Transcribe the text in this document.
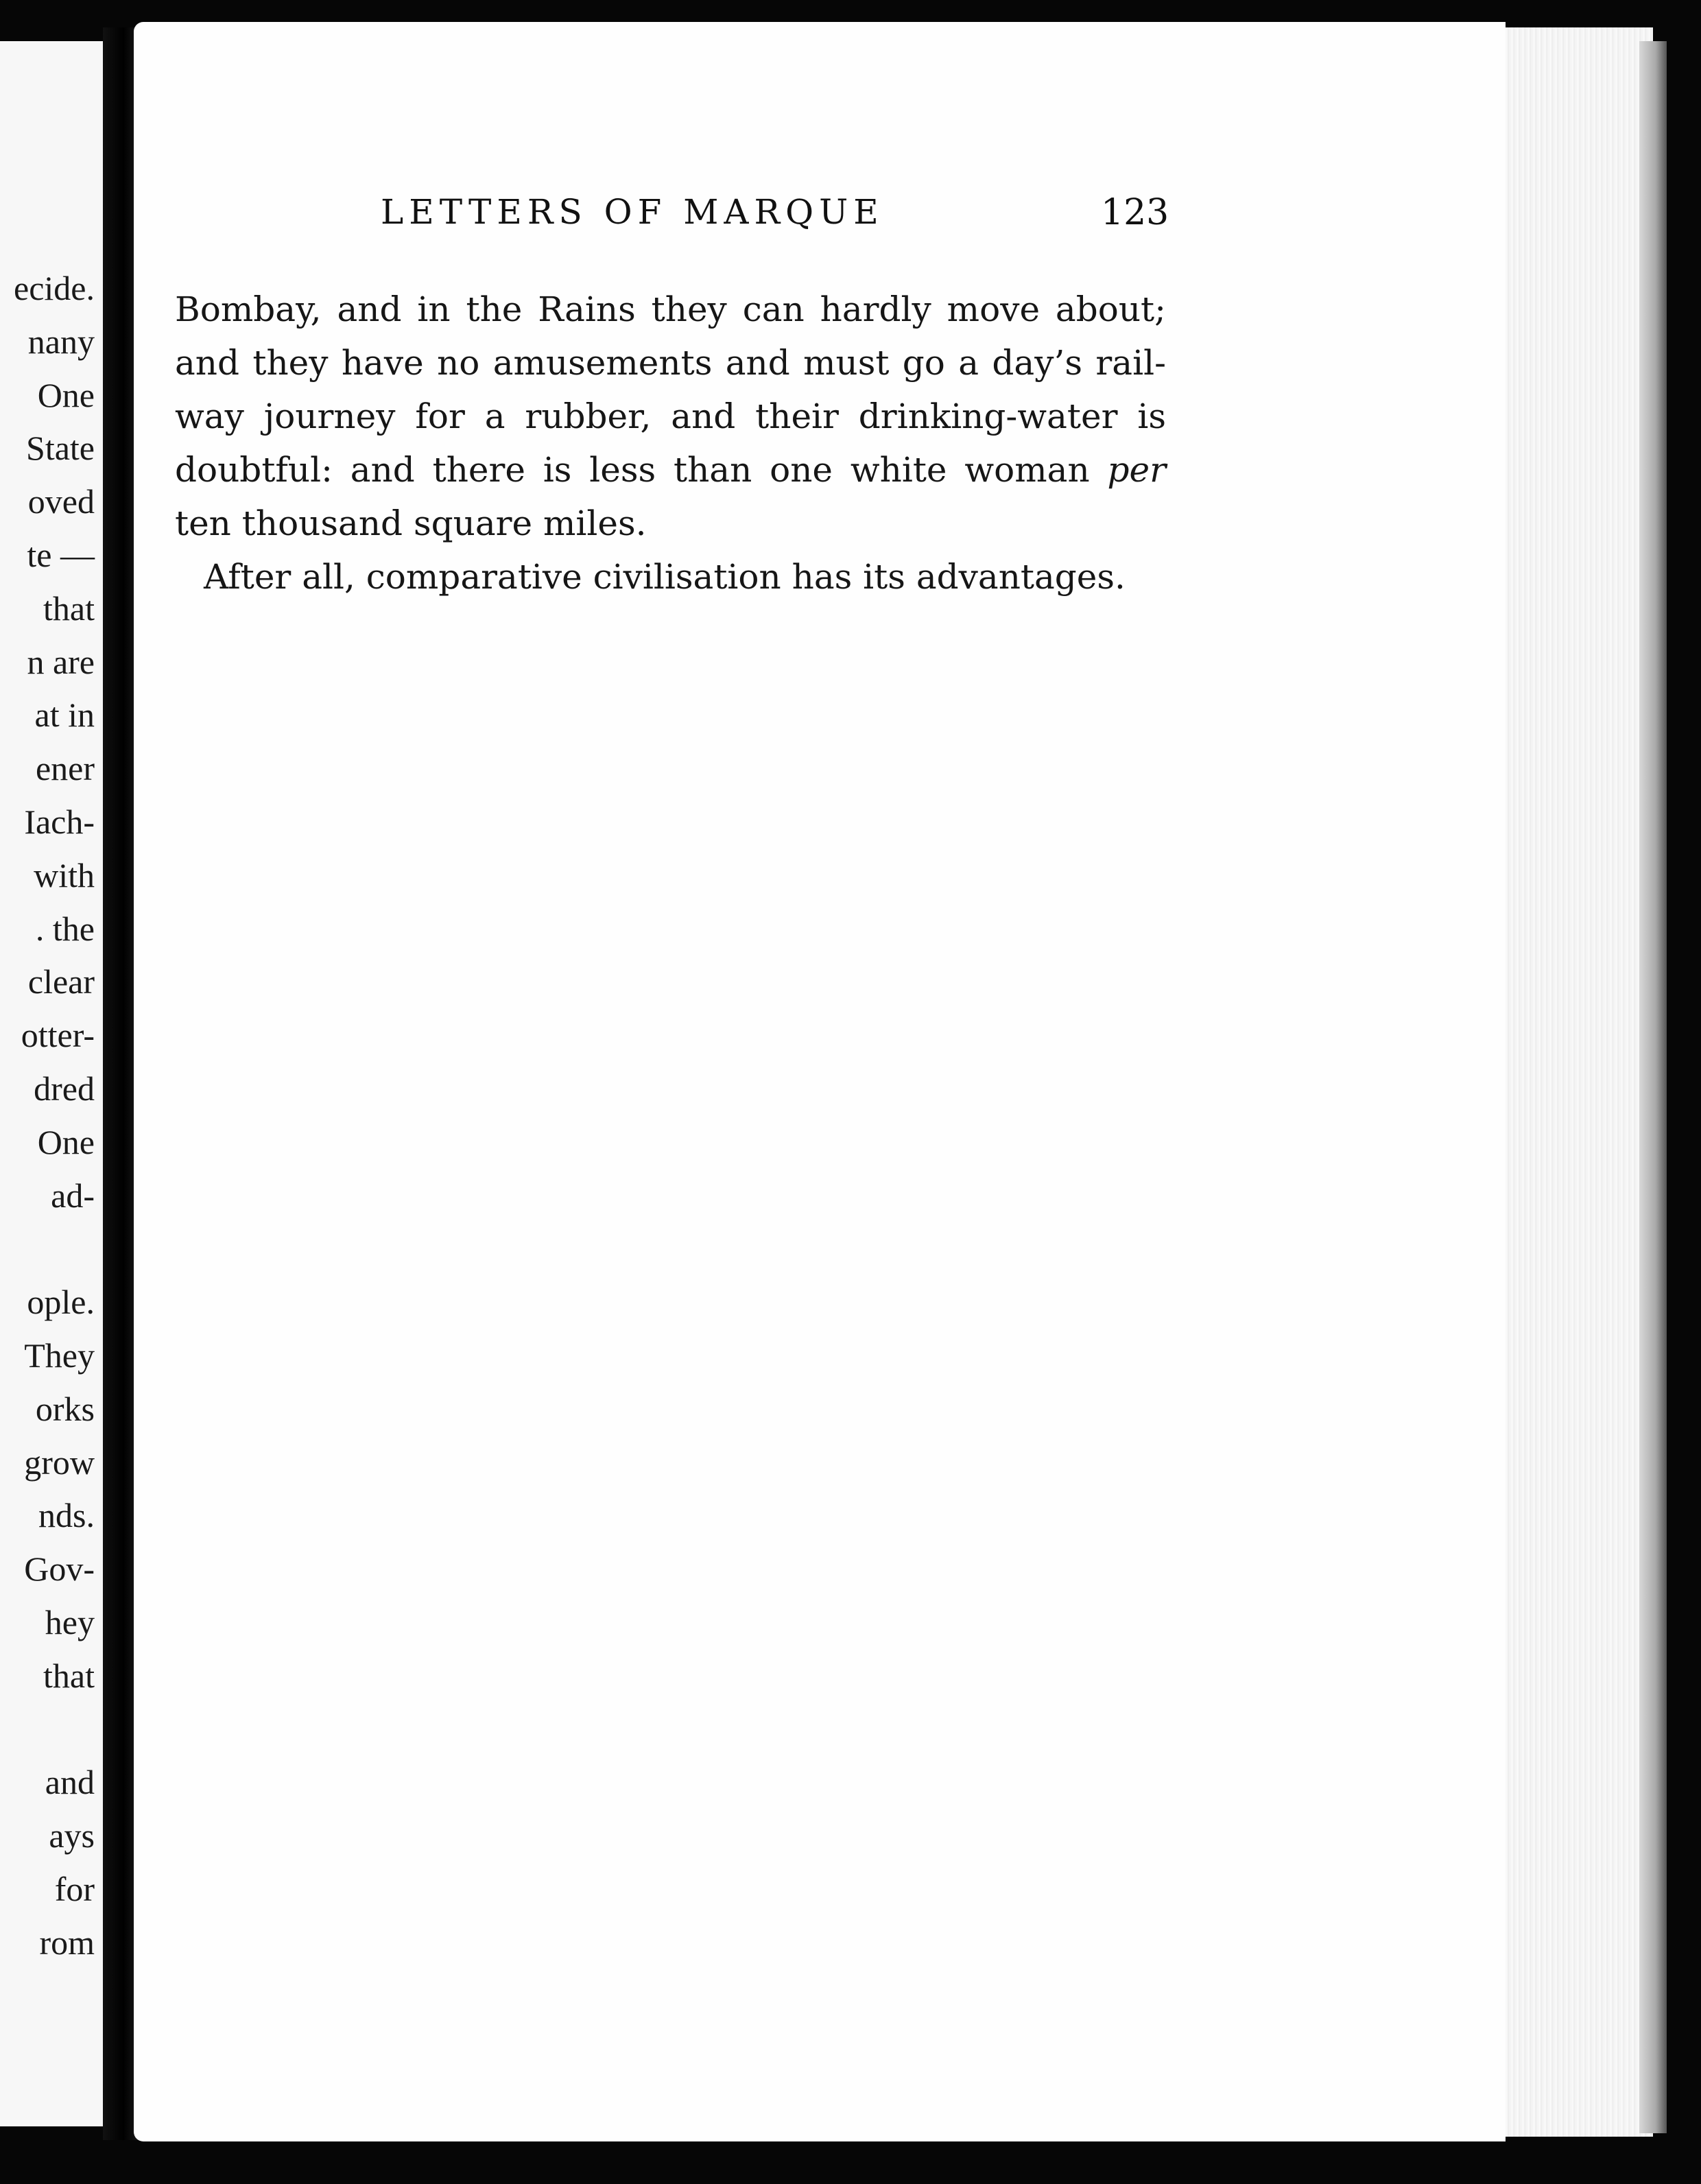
ecide.
nany
One
State
oved
te —
that
n are
at in
ener
Iach-
with
. the
clear
otter-
dred
One
ad-
ople.
They
orks
grow
nds.
Gov-
hey
that
and
ays
for
rom
LETTERS OF MARQUE	123
Bombay, and in the Rains they can hardly move about;
and they have no amusements and must go a day’s rail-
way journey for a rubber, and their drinking-water is
doubtful: and there is less than one white woman per
ten thousand square miles.
After all, comparative civilisation has its advantages.
